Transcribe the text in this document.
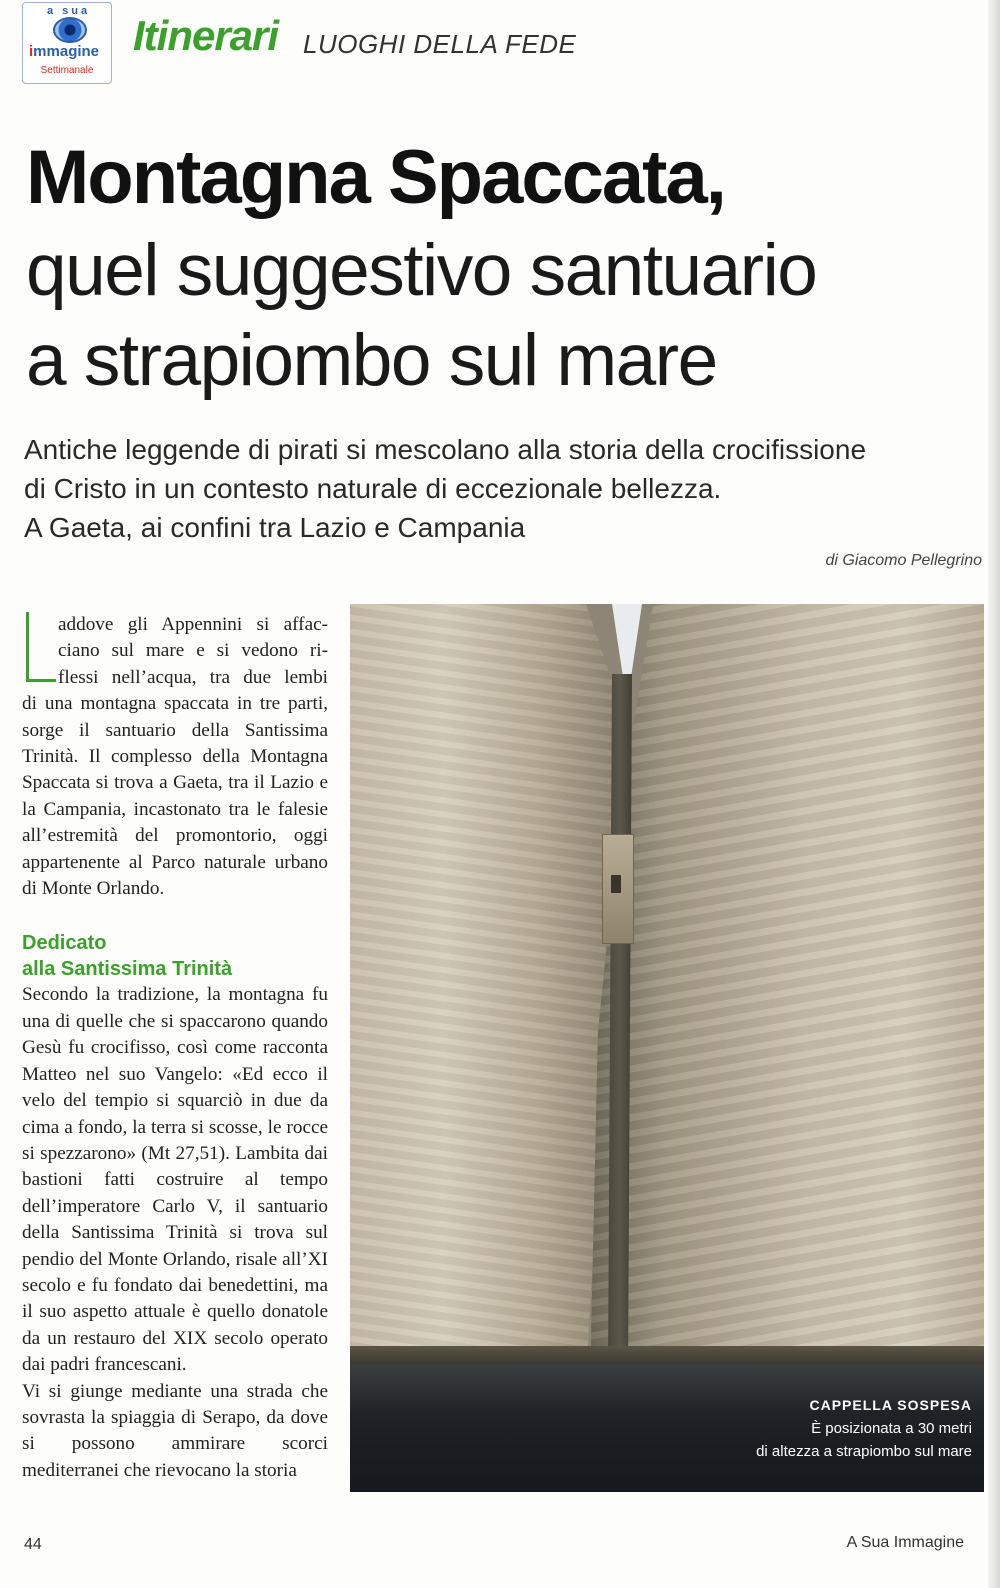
a sua
immagine
Settimanale
Itinerari LUOGHI DELLA FEDE
Montagna Spaccata,
quel suggestivo santuario
a strapiombo sul mare
Antiche leggende di pirati si mescolano alla storia della crocifissione
di Cristo in un contesto naturale di eccezionale bellezza.
A Gaeta, ai confini tra Lazio e Campania
di Giacomo Pellegrino
addove gli Appennini si affac-
ciano sul mare e si vedono ri-
flessi nell’acqua, tra due lembi

di una montagna spaccata in tre parti, sorge il santuario della Santissima Trinità. Il complesso della Montagna Spaccata si trova a Gaeta, tra il Lazio e la Campania, incastonato tra le falesie all’estremità del promontorio, oggi appartenente al Parco naturale urbano di Monte Orlando.

Dedicato
alla Santissima Trinità

Secondo la tradizione, la montagna fu una di quelle che si spaccarono quando Gesù fu crocifisso, così come racconta Matteo nel suo Vangelo: «Ed ecco il velo del tempio si squarciò in due da cima a fondo, la terra si scosse, le rocce si spezzarono» (Mt 27,51). Lambita dai bastioni fatti costruire al tempo dell’imperatore Carlo V, il santuario della Santissima Trinità si trova sul pendio del Monte Orlando, risale all’XI secolo e fu fondato dai benedettini, ma il suo aspetto attuale è quello donatole da un restauro del XIX secolo operato dai padri francescani.

Vi si giunge mediante una strada che sovrasta la spiaggia di Serapo, da dove si possono ammirare scorci mediterranei che rievocano la storia

CAPPELLA SOSPESA
È posizionata a 30 metri
di altezza a strapiombo sul mare
44	A Sua Immagine
